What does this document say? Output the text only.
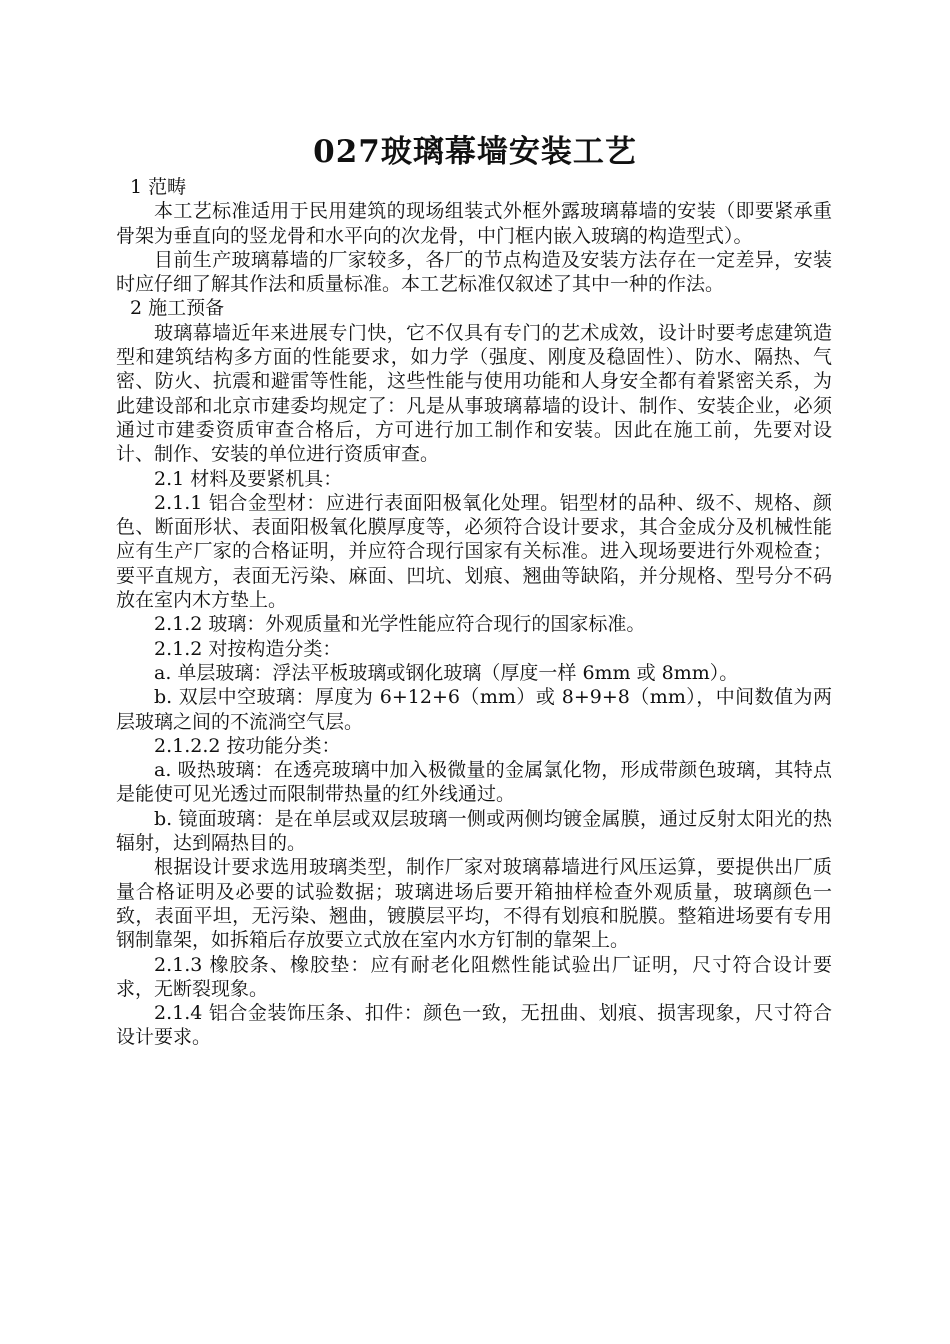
027玻璃幕墙安装工艺

1 范畴

本工艺标准适用于民用建筑的现场组装式外框外露玻璃幕墙的安装（即要紧承重骨架为垂直向的竖龙骨和水平向的次龙骨，中门框内嵌入玻璃的构造型式）。

目前生产玻璃幕墙的厂家较多，各厂的节点构造及安装方法存在一定差异，安装时应仔细了解其作法和质量标准。本工艺标准仅叙述了其中一种的作法。

2 施工预备

玻璃幕墙近年来进展专门快，它不仅具有专门的艺术成效，设计时要考虑建筑造型和建筑结构多方面的性能要求，如力学（强度、刚度及稳固性）、防水、隔热、气密、防火、抗震和避雷等性能，这些性能与使用功能和人身安全都有着紧密关系，为此建设部和北京市建委均规定了：凡是从事玻璃幕墙的设计、制作、安装企业，必须通过市建委资质审查合格后，方可进行加工制作和安装。因此在施工前，先要对设计、制作、安装的单位进行资质审查。

2.1 材料及要紧机具：

2.1.1 铝合金型材：应进行表面阳极氧化处理。铝型材的品种、级不、规格、颜色、断面形状、表面阳极氧化膜厚度等，必须符合设计要求，其合金成分及机械性能应有生产厂家的合格证明，并应符合现行国家有关标准。进入现场要进行外观检查；要平直规方，表面无污染、麻面、凹坑、划痕、翘曲等缺陷，并分规格、型号分不码放在室内木方垫上。

2.1.2 玻璃：外观质量和光学性能应符合现行的国家标准。

2.1.2 对按构造分类：

a. 单层玻璃：浮法平板玻璃或钢化玻璃（厚度一样 6mm 或 8mm）。

b. 双层中空玻璃：厚度为 6+12+6（mm）或 8+9+8（mm），中间数值为两层玻璃之间的不流淌空气层。

2.1.2.2 按功能分类：

a. 吸热玻璃：在透亮玻璃中加入极微量的金属氯化物，形成带颜色玻璃，其特点是能使可见光透过而限制带热量的红外线通过。

b. 镜面玻璃：是在单层或双层玻璃一侧或两侧均镀金属膜，通过反射太阳光的热辐射，达到隔热目的。

根据设计要求选用玻璃类型，制作厂家对玻璃幕墙进行风压运算，要提供出厂质量合格证明及必要的试验数据；玻璃进场后要开箱抽样检查外观质量，玻璃颜色一致，表面平坦，无污染、翘曲，镀膜层平均，不得有划痕和脱膜。整箱进场要有专用钢制靠架，如拆箱后存放要立式放在室内水方钉制的靠架上。

2.1.3 橡胶条、橡胶垫：应有耐老化阻燃性能试验出厂证明，尺寸符合设计要求，无断裂现象。

2.1.4 铝合金装饰压条、扣件：颜色一致，无扭曲、划痕、损害现象，尺寸符合设计要求。
